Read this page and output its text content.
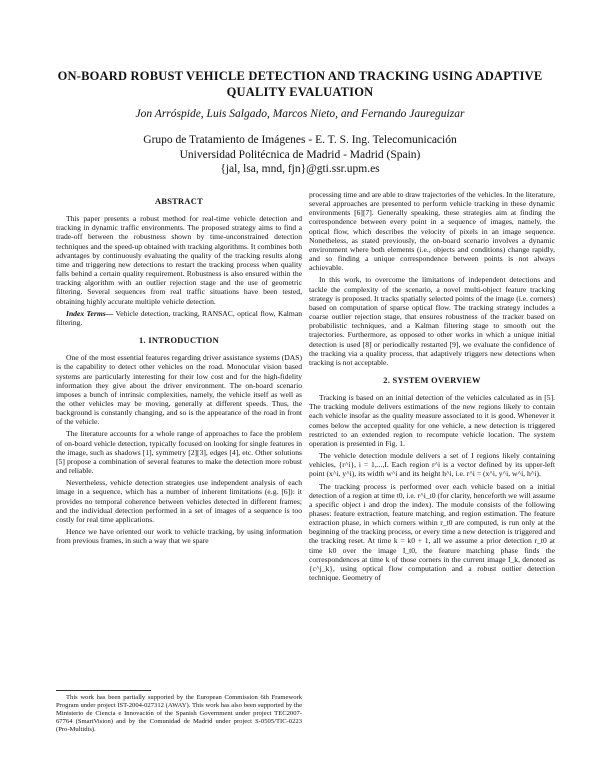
ON-BOARD ROBUST VEHICLE DETECTION AND TRACKING USING ADAPTIVE
QUALITY EVALUATION
Jon Arróspide, Luis Salgado, Marcos Nieto, and Fernando Jaureguizar
Grupo de Tratamiento de Imágenes - E. T. S. Ing. Telecomunicación
Universidad Politécnica de Madrid - Madrid (Spain)
{jal, lsa, mnd, fjn}@gti.ssr.upm.es
ABSTRACT

This paper presents a robust method for real-time vehicle detection and tracking in dynamic traffic environments. The proposed strategy aims to find a trade-off between the robustness shown by time-unconstrained detection techniques and the speed-up obtained with tracking algorithms. It combines both advantages by continuously evaluating the quality of the tracking results along time and triggering new detections to restart the tracking process when quality falls behind a certain quality requirement. Robustness is also ensured within the tracking algorithm with an outlier rejection stage and the use of geometric filtering. Several sequences from real traffic situations have been tested, obtaining highly accurate multiple vehicle detection.

Index Terms— Vehicle detection, tracking, RANSAC, optical flow, Kalman filtering.

1. INTRODUCTION

One of the most essential features regarding driver assistance systems (DAS) is the capability to detect other vehicles on the road. Monocular vision based systems are particularly interesting for their low cost and for the high-fidelity information they give about the driver environment. The on-board scenario imposes a bunch of intrinsic complexities, namely, the vehicle itself as well as the other vehicles may be moving, generally at different speeds. Thus, the background is constantly changing, and so is the appearance of the road in front of the vehicle.

The literature accounts for a whole range of approaches to face the problem of on-board vehicle detection, typically focused on looking for single features in the image, such as shadows [1], symmetry [2][3], edges [4], etc. Other solutions [5] propose a combination of several features to make the detection more robust and reliable.

Nevertheless, vehicle detection strategies use independent analysis of each image in a sequence, which has a number of inherent limitations (e.g. [6]): it provides no temporal coherence between vehicles detected in different frames; and the individual detection performed in a set of images of a sequence is too costly for real time applications.

Hence we have oriented our work to vehicle tracking, by using information from previous frames, in such a way that we spare

This work has been partially supported by the European Commission 6th Framework Program under project IST-2004-027312 (AWAY). This work has also been supported by the Ministerio de Ciencia e Innovación of the Spanish Government under project TEC2007-67764 (SmartVision) and by the Comunidad de Madrid under project S-0505/TIC-0223 (Pro-Multidis).

processing time and are able to draw trajectories of the vehicles. In the literature, several approaches are presented to perform vehicle tracking in these dynamic environments [6][7]. Generally speaking, these strategies aim at finding the correspondence between every point in a sequence of images, namely, the optical flow, which describes the velocity of pixels in an image sequence. Nonetheless, as stated previously, the on-board scenario involves a dynamic environment where both elements (i.e., objects and conditions) change rapidly, and so finding a unique correspondence between points is not always achievable.

In this work, to overcome the limitations of independent detections and tackle the complexity of the scenario, a novel multi-object feature tracking strategy is proposed. It tracks spatially selected points of the image (i.e. corners) based on computation of sparse optical flow. The tracking strategy includes a coarse outlier rejection stage, that ensures robustness of the tracker based on probabilistic techniques, and a Kalman filtering stage to smooth out the trajectories. Furthermore, as opposed to other works in which a unique initial detection is used [8] or periodically restarted [9], we evaluate the confidence of the tracking via a quality process, that adaptively triggers new detections when tracking is not acceptable.

2. SYSTEM OVERVIEW

Tracking is based on an initial detection of the vehicles calculated as in [5]. The tracking module delivers estimations of the new regions likely to contain each vehicle insofar as the quality measure associated to it is good. Whenever it comes below the accepted quality for one vehicle, a new detection is triggered restricted to an extended region to recompute vehicle location. The system operation is presented in Fig. 1.

The vehicle detection module delivers a set of I regions likely containing vehicles, {r^i}, i = 1,...,I. Each region r^i is a vector defined by its upper-left point (x^i, y^i), its width w^i and its height h^i, i.e. r^i = (x^i, y^i, w^i, h^i).

The tracking process is performed over each vehicle based on a initial detection of a region at time t0, i.e. r^i_t0 (for clarity, henceforth we will assume a specific object i and drop the index). The module consists of the following phases: feature extraction, feature matching, and region estimation. The feature extraction phase, in which corners within r_t0 are computed, is run only at the beginning of the tracking process, or every time a new detection is triggered and the tracking reset. At time k = k0 + 1, all we assume a prior detection r_t0 at time k0 over the image I_t0, the feature matching phase finds the correspondences at time k of those corners in the current image I_k, denoted as {c^j_k}, using optical flow computation and a robust outlier detection technique. Geometry of
